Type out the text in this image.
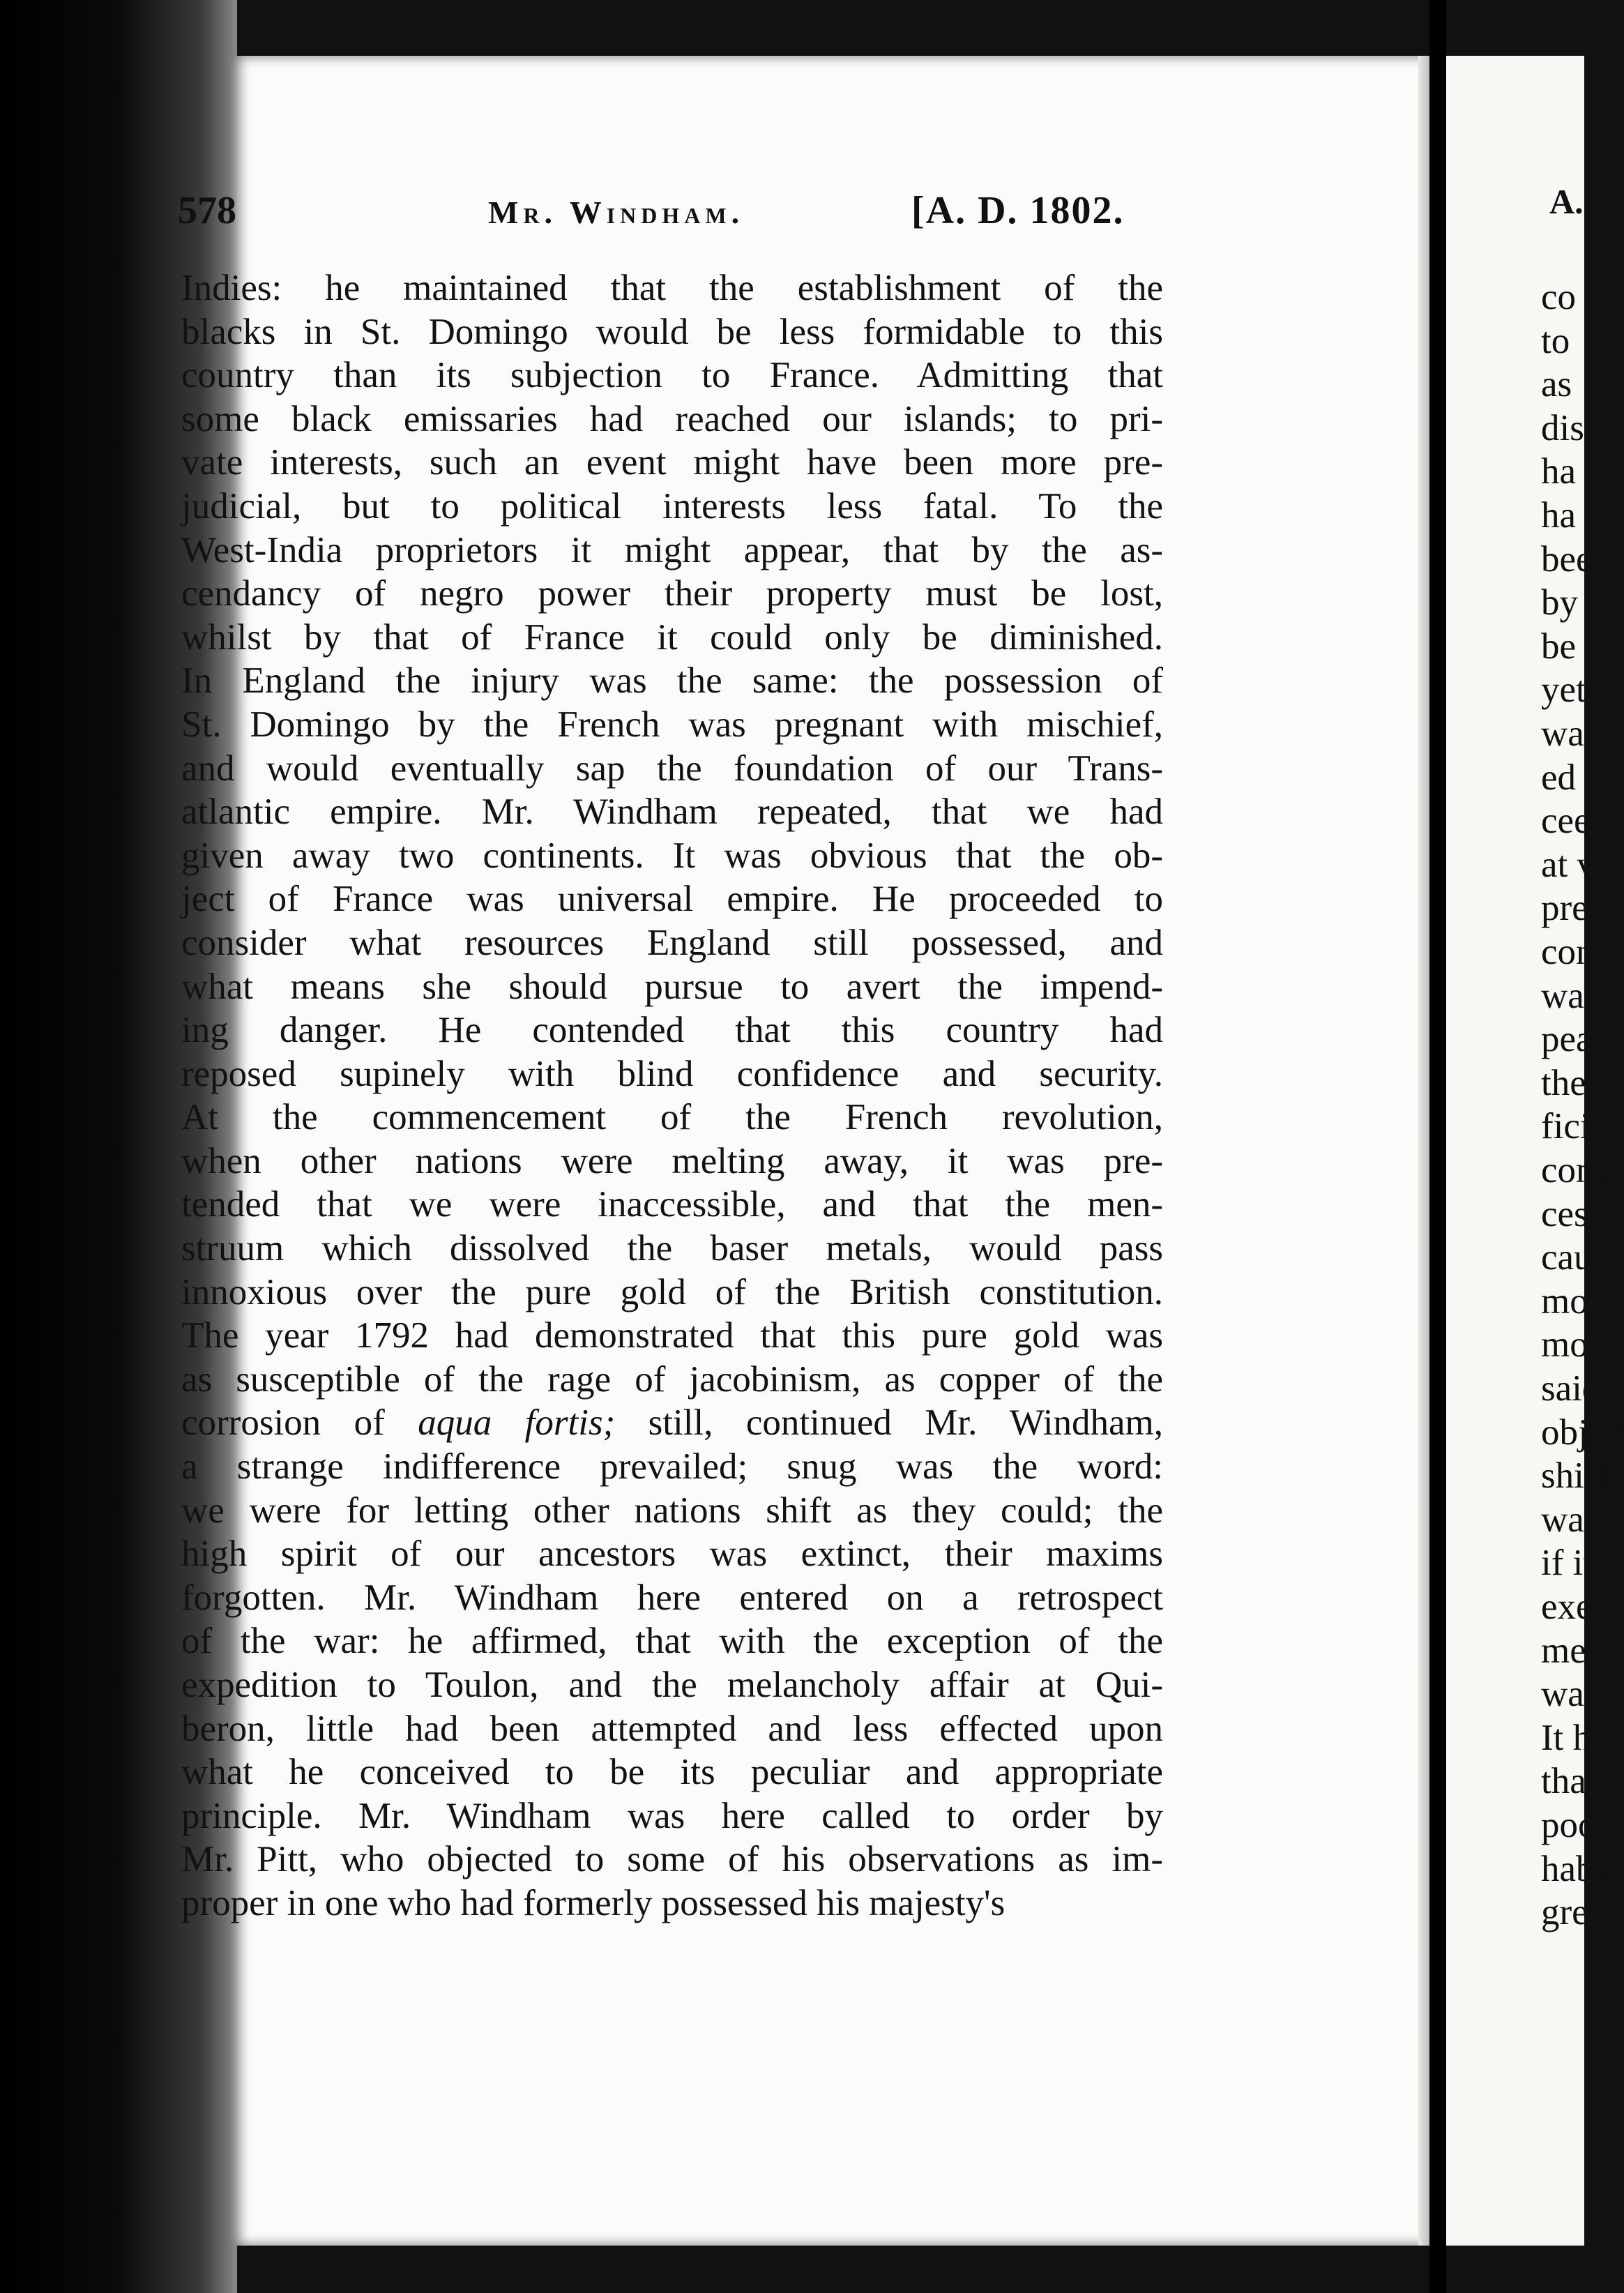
578	Mr. Windham.	[A. D. 1802.
Indies: he maintained that the establishment of the
blacks in St. Domingo would be less formidable to this
country than its subjection to France. Admitting that
some black emissaries had reached our islands; to pri-
vate interests, such an event might have been more pre-
judicial, but to political interests less fatal. To the
West-India proprietors it might appear, that by the as-
cendancy of negro power their property must be lost,
whilst by that of France it could only be diminished.
In England the injury was the same: the possession of
St. Domingo by the French was pregnant with mischief,
and would eventually sap the foundation of our Trans-
atlantic empire. Mr. Windham repeated, that we had
given away two continents. It was obvious that the ob-
ject of France was universal empire. He proceeded to
consider what resources England still possessed, and
what means she should pursue to avert the impend-
ing danger. He contended that this country had
reposed supinely with blind confidence and security.
At the commencement of the French revolution,
when other nations were melting away, it was pre-
tended that we were inaccessible, and that the men-
struum which dissolved the baser metals, would pass
innoxious over the pure gold of the British constitution.
The year 1792 had demonstrated that this pure gold was
as susceptible of the rage of jacobinism, as copper of the
corrosion of aqua fortis; still, continued Mr. Windham,
a strange indifference prevailed; snug was the word:
we were for letting other nations shift as they could; the
high spirit of our ancestors was extinct, their maxims
forgotten. Mr. Windham here entered on a retrospect
of the war: he affirmed, that with the exception of the
expedition to Toulon, and the melancholy affair at Qui-
beron, little had been attempted and less effected upon
what he conceived to be its peculiar and appropriate
principle. Mr. Windham was here called to order by
Mr. Pitt, who objected to some of his observations as im-
proper in one who had formerly possessed his majesty's
A.
co
to
as
dis
ha
ha
bee
by
be
yet
was
ed
cee
at v
pre
con
war,
peac
the
ficie
com
cess
caus
most
most
said,
objec
shilli
war
if it v
exert
mean
was a
It ha
that t
poor;
habit
great
